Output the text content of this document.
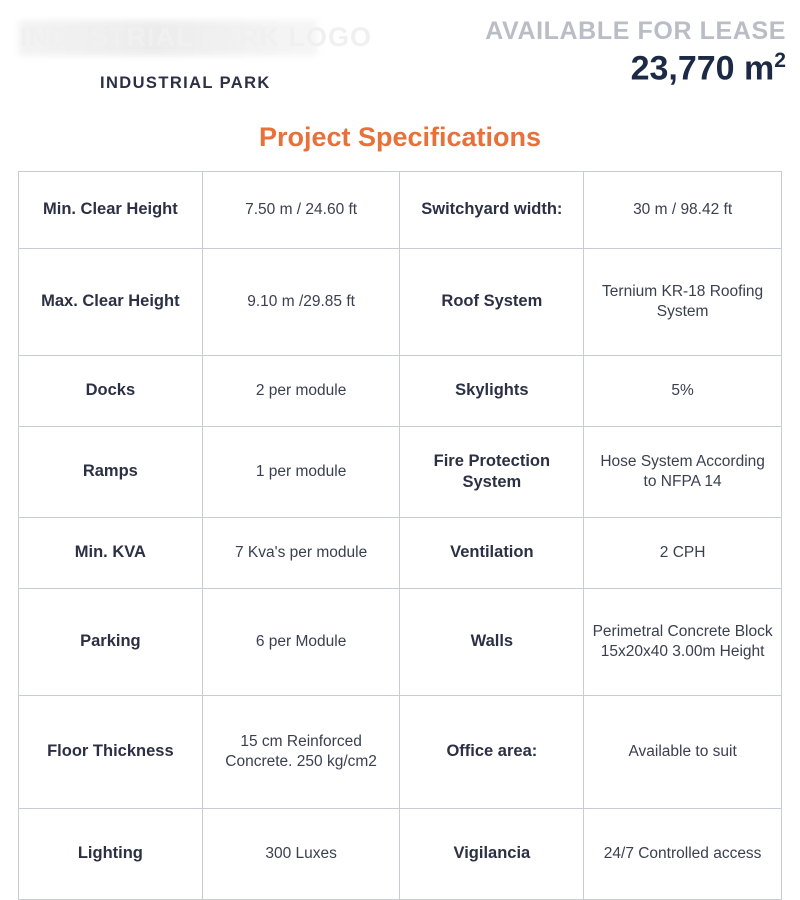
INDUSTRIAL PARK LOGO
INDUSTRIAL PARK
AVAILABLE FOR LEASE
23,770 $m^2$
Project Specifications
Min. Clear Height	7.50 m / 24.60 ft	Switchyard width:	30 m / 98.42 ft
Max. Clear Height	9.10 m /29.85 ft	Roof System	Ternium KR-18 Roofing System
Docks	2 per module	Skylights	5%
Ramps	1 per module	Fire Protection System	Hose System According to NFPA 14
Min. KVA	7 Kva's per module	Ventilation	2 CPH
Parking	6 per Module	Walls	Perimetral Concrete Block 15x20x40 3.00m Height
Floor Thickness	15 cm Reinforced Concrete. 250 kg/cm2	Office area:	Available to suit
Lighting	300 Luxes	Vigilancia	24/7 Controlled access
